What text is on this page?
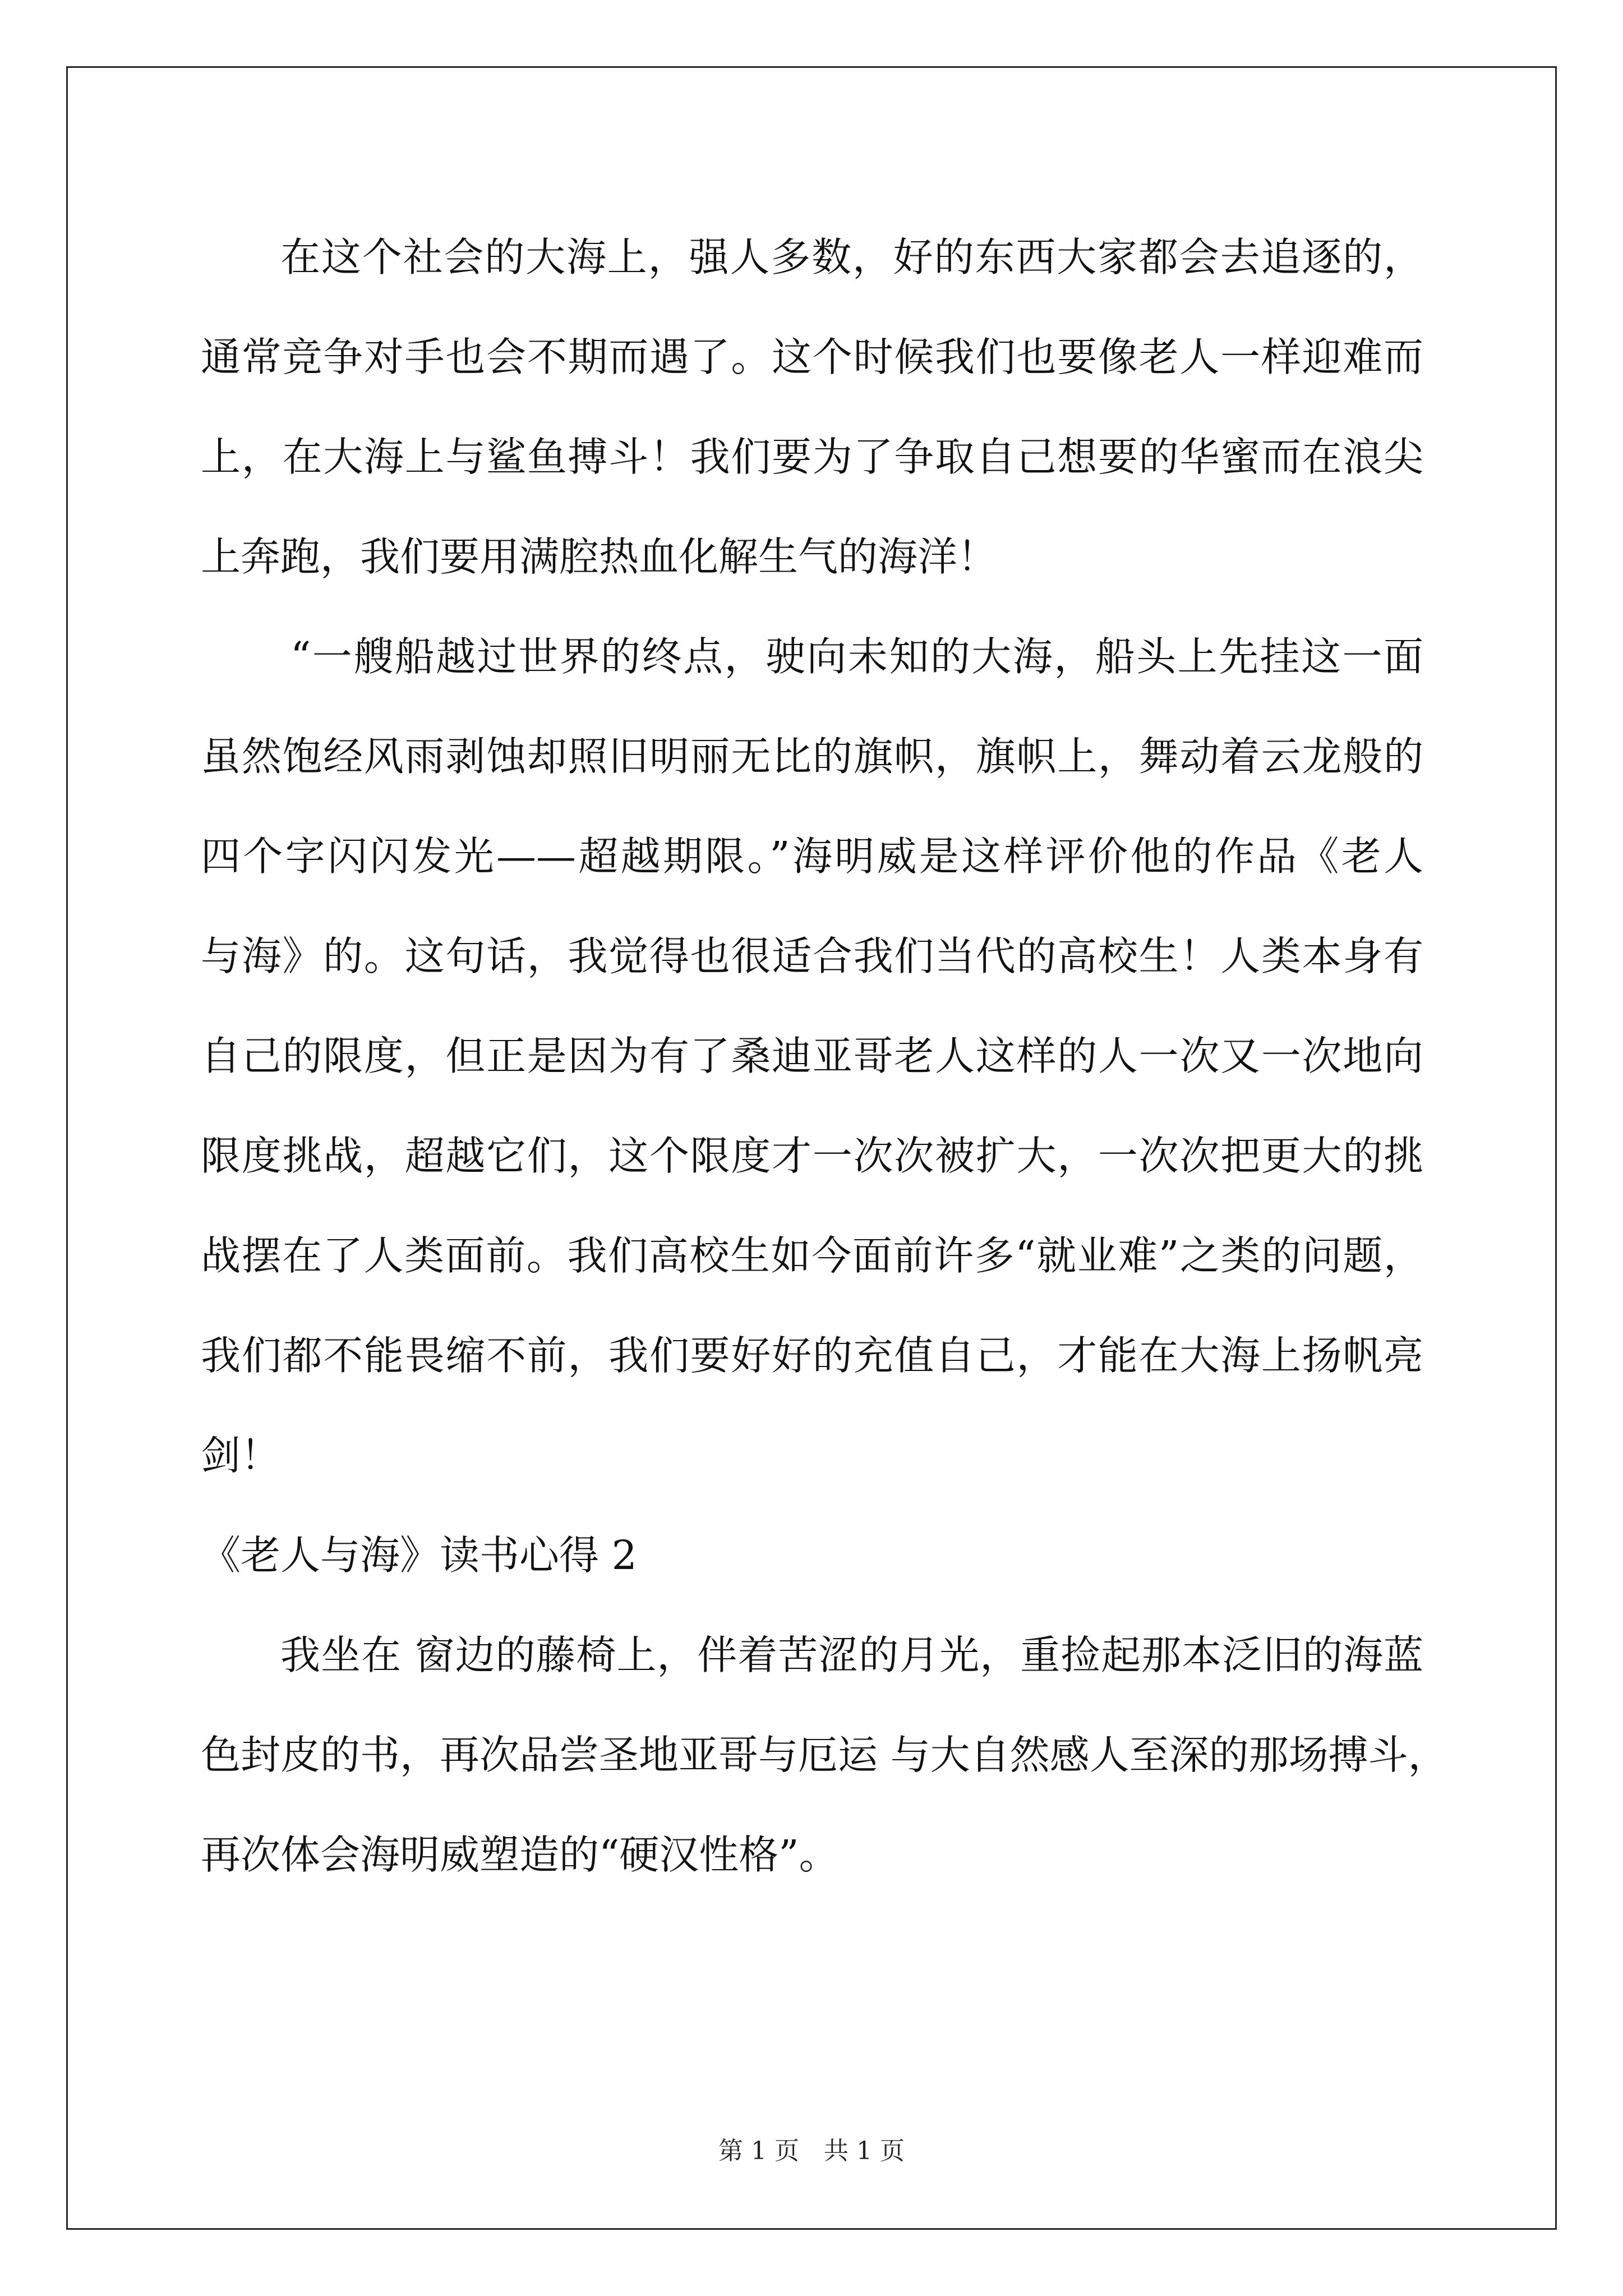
在这个社会的大海上，强人多数，好的东西大家都会去追逐的，
通常竞争对手也会不期而遇了。这个时候我们也要像老人一样迎难而
上，在大海上与鲨鱼搏斗！我们要为了争取自己想要的华蜜而在浪尖
上奔跑，我们要用满腔热血化解生气的海洋！
“一艘船越过世界的终点，驶向未知的大海，船头上先挂这一面
虽然饱经风雨剥蚀却照旧明丽无比的旗帜，旗帜上，舞动着云龙般的
四个字闪闪发光——超越期限。”海明威是这样评价他的作品《老人
与海》的。这句话，我觉得也很适合我们当代的高校生！人类本身有
自己的限度，但正是因为有了桑迪亚哥老人这样的人一次又一次地向
限度挑战，超越它们，这个限度才一次次被扩大，一次次把更大的挑
战摆在了人类面前。我们高校生如今面前许多“就业难”之类的问题，
我们都不能畏缩不前，我们要好好的充值自己，才能在大海上扬帆亮
剑！
《老人与海》读书心得 2
我坐在 窗边的藤椅上，伴着苦涩的月光，重捡起那本泛旧的海蓝
色封皮的书，再次品尝圣地亚哥与厄运 与大自然感人至深的那场搏斗，
再次体会海明威塑造的“硬汉性格”。
第 1 页　共 1 页
